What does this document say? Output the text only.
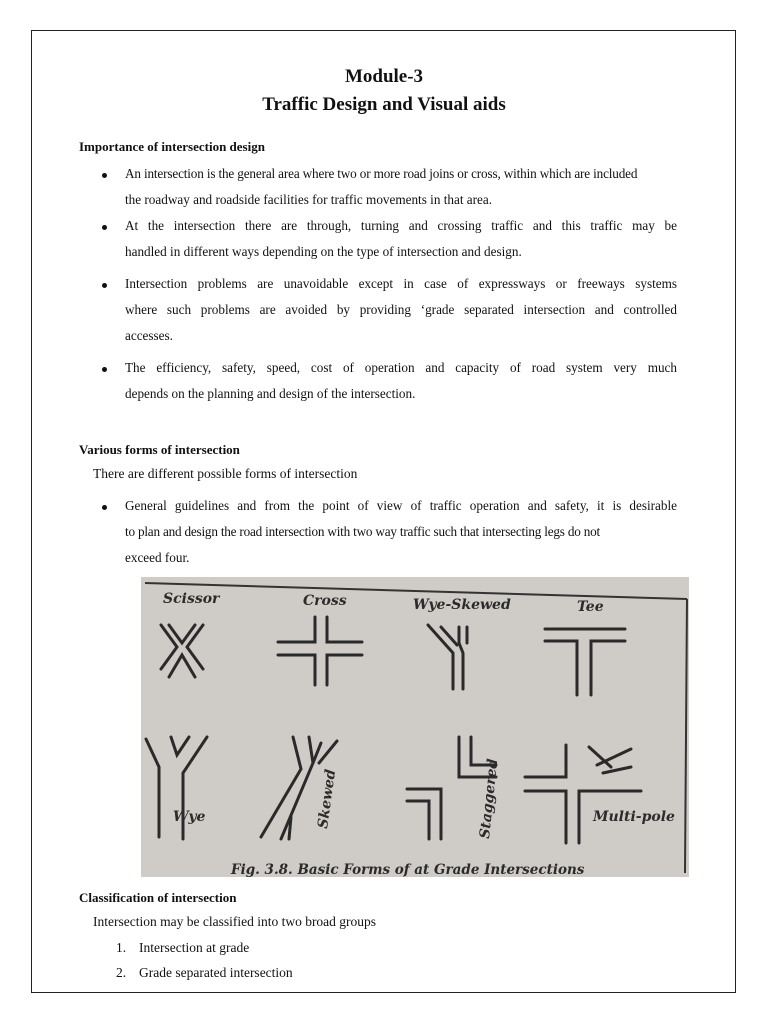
Module-3
Traffic Design and Visual aids
Importance of intersection design
An intersection is the general area where two or more road joins or cross, within which are included
the roadway and roadside facilities for traffic movements in that area.
At the intersection there are through, turning and crossing traffic and this traffic may be
handled in different ways depending on the type of intersection and design.
Intersection problems are unavoidable except in case of expressways or freeways systems
where such problems are avoided by providing ‘grade separated intersection and controlled
accesses.
The efficiency, safety, speed, cost of operation and capacity of road system very much
depends on the planning and design of the intersection.
Various forms of intersection
There are different possible forms of intersection
General guidelines and from the point of view of traffic operation and safety, it is desirable
to plan and design the road intersection with two way traffic such that intersecting legs do not
exceed four.
Scissor	Cross	Wye-Skewed	Tee
Wye	Skewed	Staggered	Multi-pole
Fig. 3.8. Basic Forms of at Grade Intersections
Classification of intersection
Intersection may be classified into two broad groups
1. Intersection at grade
2. Grade separated intersection
